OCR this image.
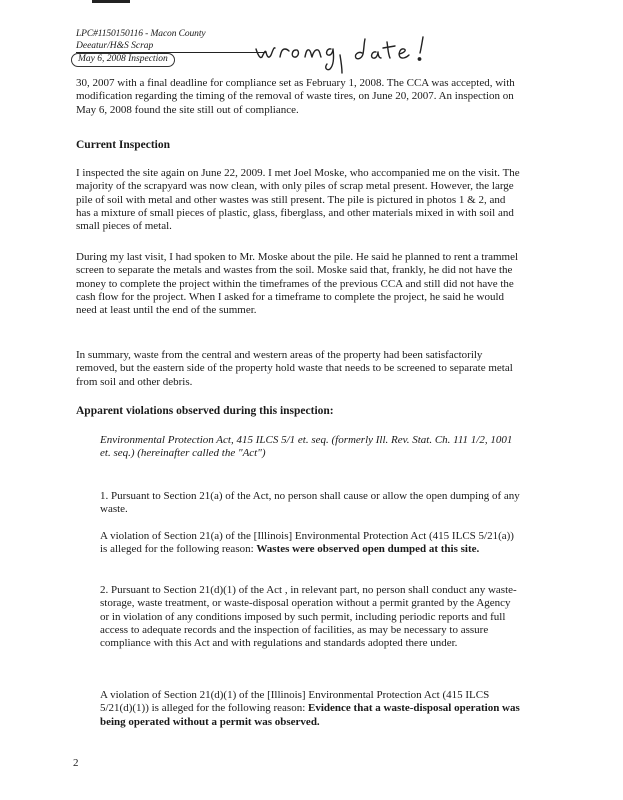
LPC#1150150116 - Macon County
Deeatur/H&S Scrap
May 6, 2008 Inspection

30, 2007 with a final deadline for compliance set as February 1, 2008. The CCA was accepted, with modification regarding the timing of the removal of waste tires, on June 20, 2007. An inspection on May 6, 2008 found the site still out of compliance.

Current Inspection

I inspected the site again on June 22, 2009. I met Joel Moske, who accompanied me on the visit. The majority of the scrapyard was now clean, with only piles of scrap metal present. However, the large pile of soil with metal and other wastes was still present. The pile is pictured in photos 1 & 2, and has a mixture of small pieces of plastic, glass, fiberglass, and other materials mixed in with soil and small pieces of metal.

During my last visit, I had spoken to Mr. Moske about the pile. He said he planned to rent a trammel screen to separate the metals and wastes from the soil. Moske said that, frankly, he did not have the money to complete the project within the timeframes of the previous CCA and still did not have the cash flow for the project. When I asked for a timeframe to complete the project, he said he would need at least until the end of the summer.

In summary, waste from the central and western areas of the property had been satisfactorily removed, but the eastern side of the property hold waste that needs to be screened to separate metal from soil and other debris.

Apparent violations observed during this inspection:

Environmental Protection Act, 415 ILCS 5/1 et. seq. (formerly Ill. Rev. Stat. Ch. 111 1/2, 1001 et. seq.) (hereinafter called the "Act")

1. Pursuant to Section 21(a) of the Act, no person shall cause or allow the open dumping of any waste.

A violation of Section 21(a) of the [Illinois] Environmental Protection Act (415 ILCS 5/21(a)) is alleged for the following reason: Wastes were observed open dumped at this site.

2. Pursuant to Section 21(d)(1) of the Act , in relevant part, no person shall conduct any waste-storage, waste treatment, or waste-disposal operation without a permit granted by the Agency or in violation of any conditions imposed by such permit, including periodic reports and full access to adequate records and the inspection of facilities, as may be necessary to assure compliance with this Act and with regulations and standards adopted there under.

A violation of Section 21(d)(1) of the [Illinois] Environmental Protection Act (415 ILCS 5/21(d)(1)) is alleged for the following reason: Evidence that a waste-disposal operation was being operated without a permit was observed.

2
